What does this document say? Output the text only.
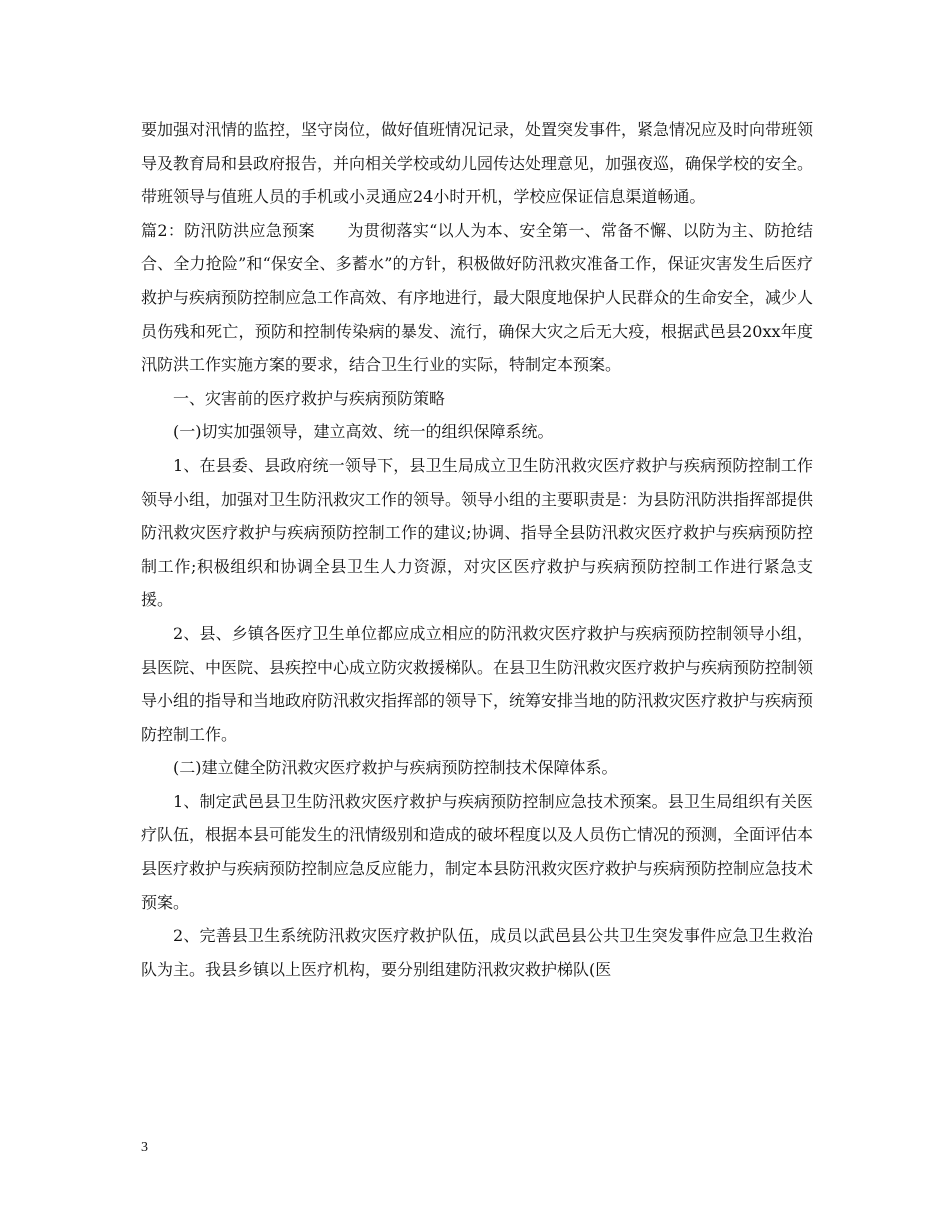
要加强对汛情的监控，坚守岗位，做好值班情况记录，处置突发事件，紧急情况应及时向带班领导及教育局和县政府报告，并向相关学校或幼儿园传达处理意见，加强夜巡，确保学校的安全。带班领导与值班人员的手机或小灵通应24小时开机，学校应保证信息渠道畅通。

篇2：防汛防洪应急预案　　为贯彻落实“以人为本、安全第一、常备不懈、以防为主、防抢结合、全力抢险”和“保安全、多蓄水”的方针，积极做好防汛救灾准备工作，保证灾害发生后医疗救护与疾病预防控制应急工作高效、有序地进行，最大限度地保护人民群众的生命安全，减少人员伤残和死亡，预防和控制传染病的暴发、流行，确保大灾之后无大疫，根据武邑县20xx年度汛防洪工作实施方案的要求，结合卫生行业的实际，特制定本预案。

一、灾害前的医疗救护与疾病预防策略

(一)切实加强领导，建立高效、统一的组织保障系统。

1、在县委、县政府统一领导下，县卫生局成立卫生防汛救灾医疗救护与疾病预防控制工作领导小组，加强对卫生防汛救灾工作的领导。领导小组的主要职责是：为县防汛防洪指挥部提供防汛救灾医疗救护与疾病预防控制工作的建议;协调、指导全县防汛救灾医疗救护与疾病预防控制工作;积极组织和协调全县卫生人力资源，对灾区医疗救护与疾病预防控制工作进行紧急支援。

2、县、乡镇各医疗卫生单位都应成立相应的防汛救灾医疗救护与疾病预防控制领导小组，县医院、中医院、县疾控中心成立防灾救援梯队。在县卫生防汛救灾医疗救护与疾病预防控制领导小组的指导和当地政府防汛救灾指挥部的领导下，统筹安排当地的防汛救灾医疗救护与疾病预防控制工作。

(二)建立健全防汛救灾医疗救护与疾病预防控制技术保障体系。

1、制定武邑县卫生防汛救灾医疗救护与疾病预防控制应急技术预案。县卫生局组织有关医疗队伍，根据本县可能发生的汛情级别和造成的破坏程度以及人员伤亡情况的预测，全面评估本县医疗救护与疾病预防控制应急反应能力，制定本县防汛救灾医疗救护与疾病预防控制应急技术预案。

2、完善县卫生系统防汛救灾医疗救护队伍，成员以武邑县公共卫生突发事件应急卫生救治队为主。我县乡镇以上医疗机构，要分别组建防汛救灾救护梯队(医

3
